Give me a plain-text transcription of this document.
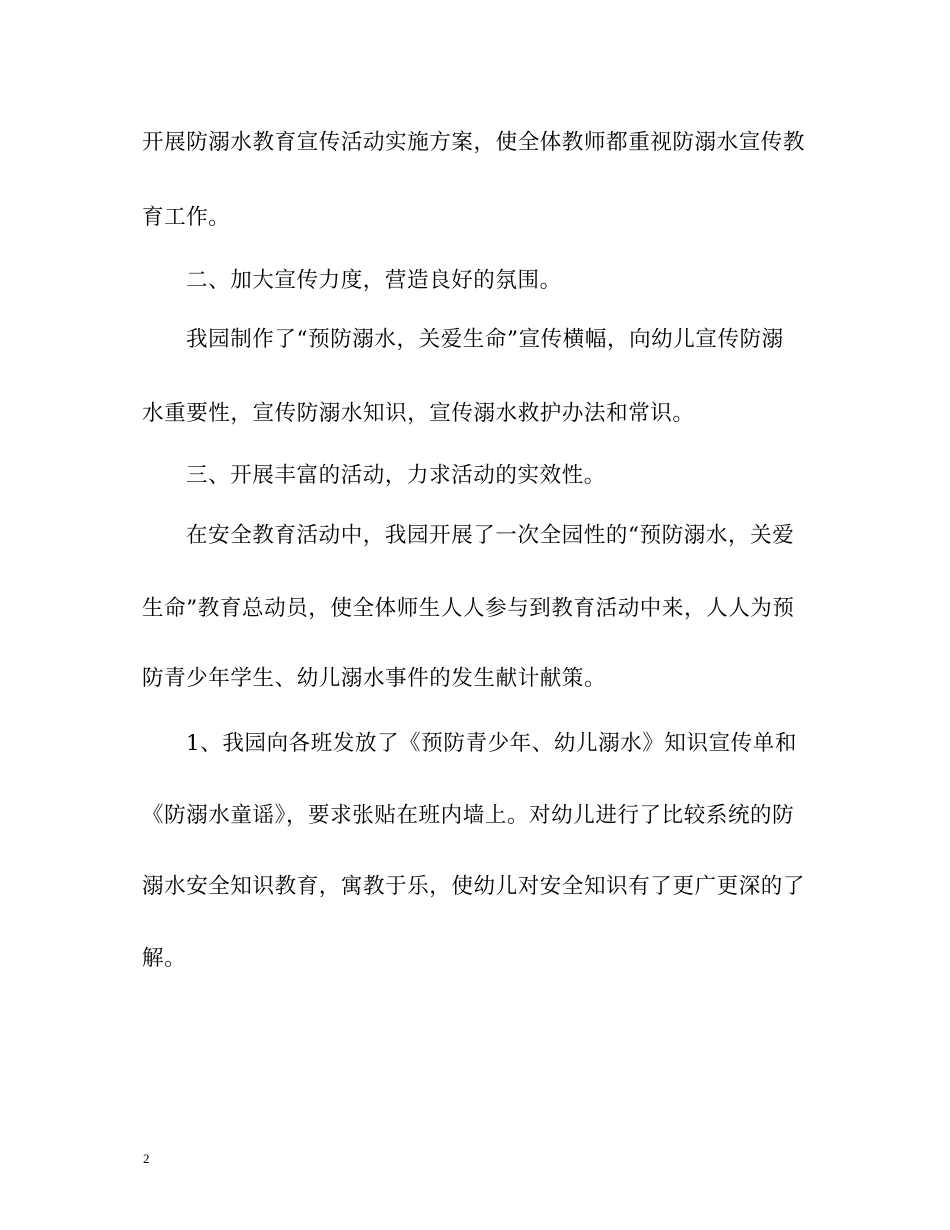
开展防溺水教育宣传活动实施方案，使全体教师都重视防溺水宣传教
育工作。
二、加大宣传力度，营造良好的氛围。
我园制作了“预防溺水，关爱生命”宣传横幅，向幼儿宣传防溺
水重要性，宣传防溺水知识，宣传溺水救护办法和常识。
三、开展丰富的活动，力求活动的实效性。
在安全教育活动中，我园开展了一次全园性的“预防溺水，关爱
生命”教育总动员，使全体师生人人参与到教育活动中来，人人为预
防青少年学生、幼儿溺水事件的发生献计献策。
1、我园向各班发放了《预防青少年、幼儿溺水》知识宣传单和
《防溺水童谣》，要求张贴在班内墙上。对幼儿进行了比较系统的防
溺水安全知识教育，寓教于乐，使幼儿对安全知识有了更广更深的了
解。
2
